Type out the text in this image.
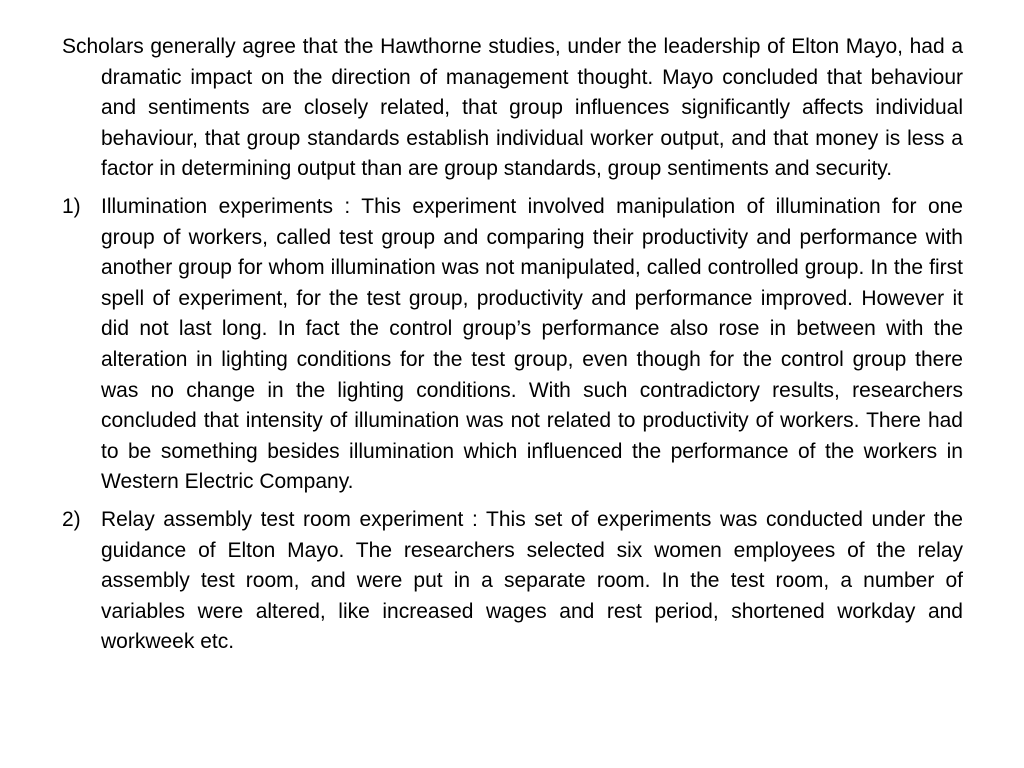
Scholars generally agree that the Hawthorne studies, under the leadership of Elton Mayo, had a dramatic impact on the direction of management thought. Mayo concluded that behaviour and sentiments are closely related, that group influences significantly affects individual behaviour, that group standards establish individual worker output, and that money is less a factor in determining output than are group standards, group sentiments and security.

1) Illumination experiments : This experiment involved manipulation of illumination for one group of workers, called test group and comparing their productivity and performance with another group for whom illumination was not manipulated, called controlled group. In the first spell of experiment, for the test group, productivity and performance improved. However it did not last long. In fact the control group’s performance also rose in between with the alteration in lighting conditions for the test group, even though for the control group there was no change in the lighting conditions. With such contradictory results, researchers concluded that intensity of illumination was not related to productivity of workers. There had to be something besides illumination which influenced the performance of the workers in Western Electric Company.
2) Relay assembly test room experiment : This set of experiments was conducted under the guidance of Elton Mayo. The researchers selected six women employees of the relay assembly test room, and were put in a separate room. In the test room, a number of variables were altered, like increased wages and rest period, shortened workday and workweek etc.
